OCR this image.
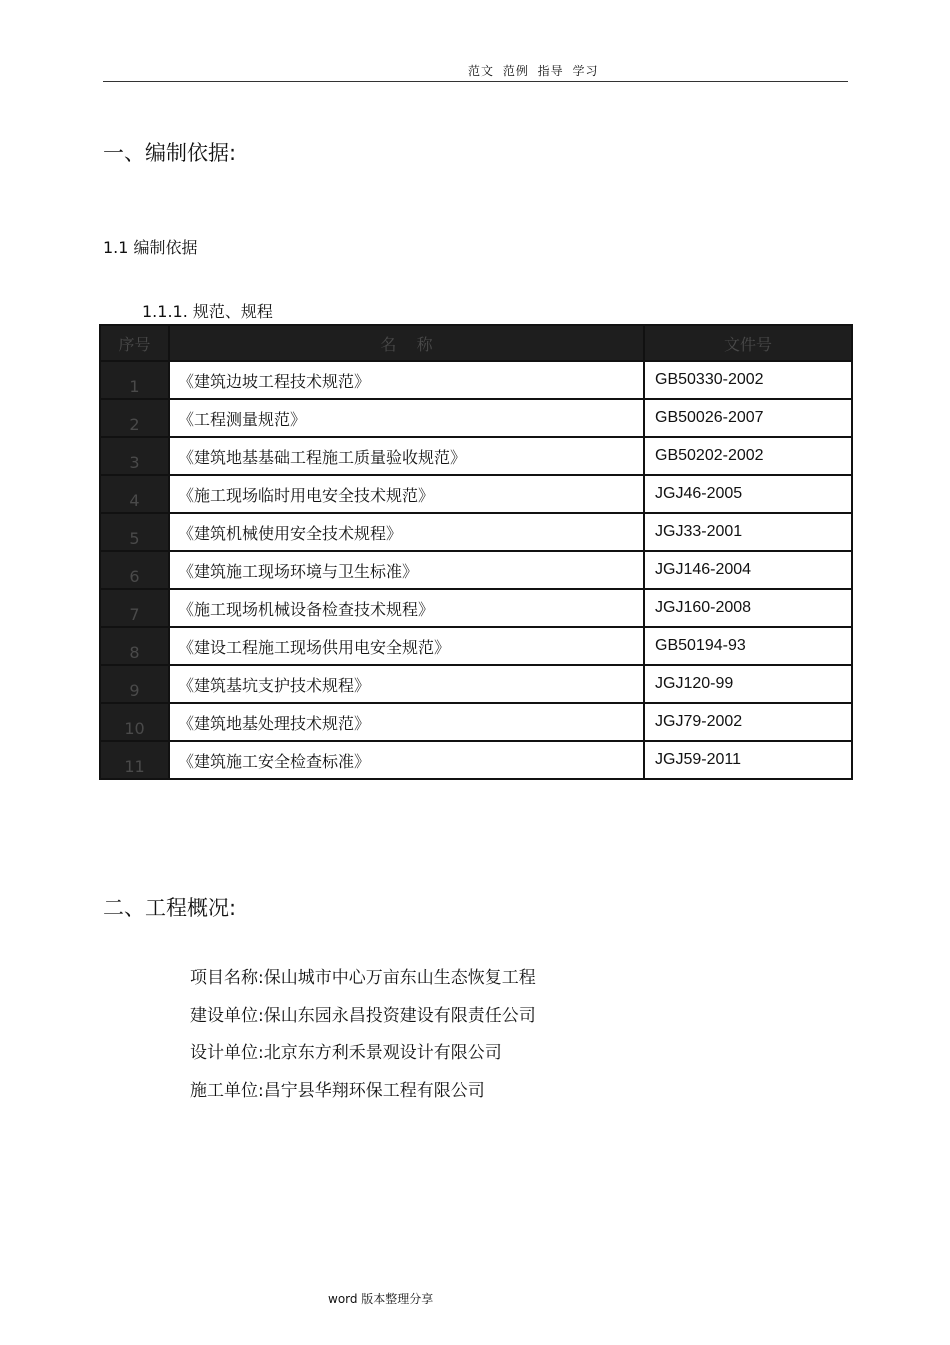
范文 范例 指导 学习
一、编制依据:
1.1 编制依据
1.1.1. 规范、规程
序号	名    称	文件号
1	《建筑边坡工程技术规范》	GB50330-2002
2	《工程测量规范》	GB50026-2007
3	《建筑地基基础工程施工质量验收规范》	GB50202-2002
4	《施工现场临时用电安全技术规范》	JGJ46-2005
5	《建筑机械使用安全技术规程》	JGJ33-2001
6	《建筑施工现场环境与卫生标准》	JGJ146-2004
7	《施工现场机械设备检查技术规程》	JGJ160-2008
8	《建设工程施工现场供用电安全规范》	GB50194-93
9	《建筑基坑支护技术规程》	JGJ120-99
10	《建筑地基处理技术规范》	JGJ79-2002
11	《建筑施工安全检查标准》	JGJ59-2011
二、工程概况:
项目名称:保山城市中心万亩东山生态恢复工程
建设单位:保山东园永昌投资建设有限责任公司
设计单位:北京东方利禾景观设计有限公司
施工单位:昌宁县华翔环保工程有限公司
word 版本整理分享
